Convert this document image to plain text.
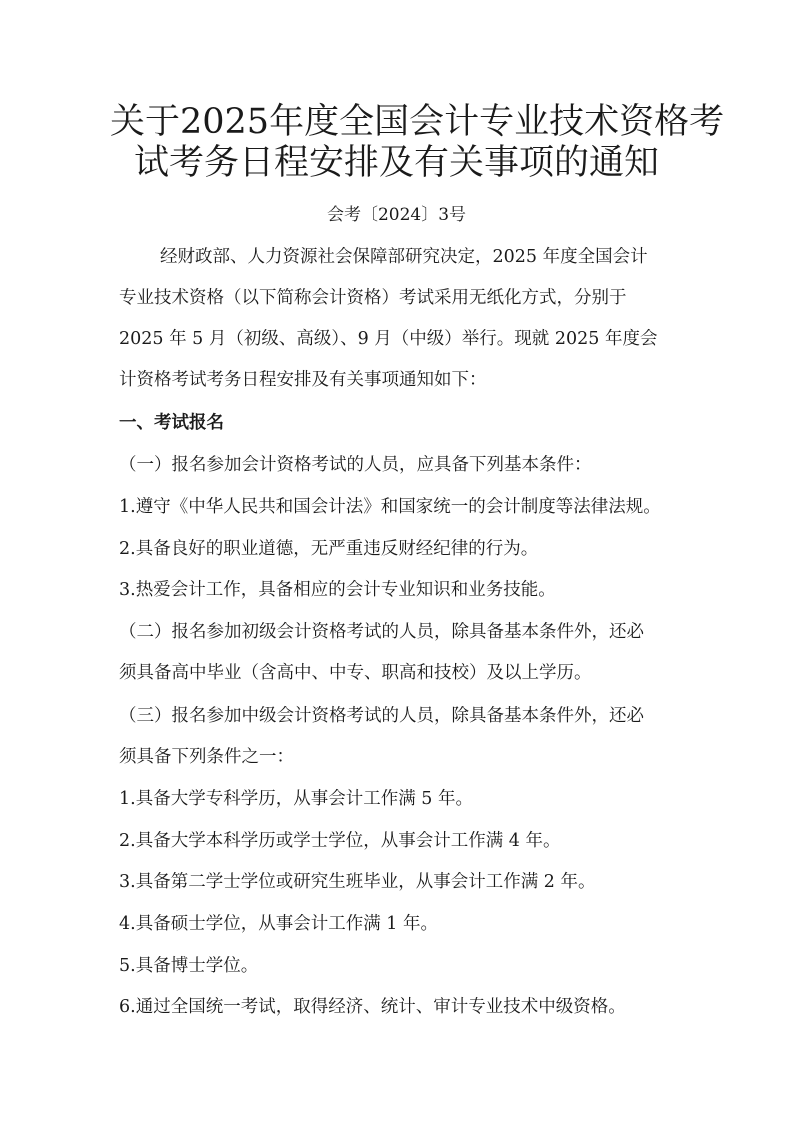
关于2025年度全国会计专业技术资格考
试考务日程安排及有关事项的通知
会考〔2024〕3号
经财政部、人力资源社会保障部研究决定，2025 年度全国会计
专业技术资格（以下简称会计资格）考试采用无纸化方式，分别于
2025 年 5 月（初级、高级）、9 月（中级）举行。现就 2025 年度会
计资格考试考务日程安排及有关事项通知如下：
一、考试报名
（一）报名参加会计资格考试的人员，应具备下列基本条件：
1.遵守《中华人民共和国会计法》和国家统一的会计制度等法律法规。
2.具备良好的职业道德，无严重违反财经纪律的行为。
3.热爱会计工作，具备相应的会计专业知识和业务技能。
（二）报名参加初级会计资格考试的人员，除具备基本条件外，还必
须具备高中毕业（含高中、中专、职高和技校）及以上学历。
（三）报名参加中级会计资格考试的人员，除具备基本条件外，还必
须具备下列条件之一：
1.具备大学专科学历，从事会计工作满 5 年。
2.具备大学本科学历或学士学位，从事会计工作满 4 年。
3.具备第二学士学位或研究生班毕业，从事会计工作满 2 年。
4.具备硕士学位，从事会计工作满 1 年。
5.具备博士学位。
6.通过全国统一考试，取得经济、统计、审计专业技术中级资格。
